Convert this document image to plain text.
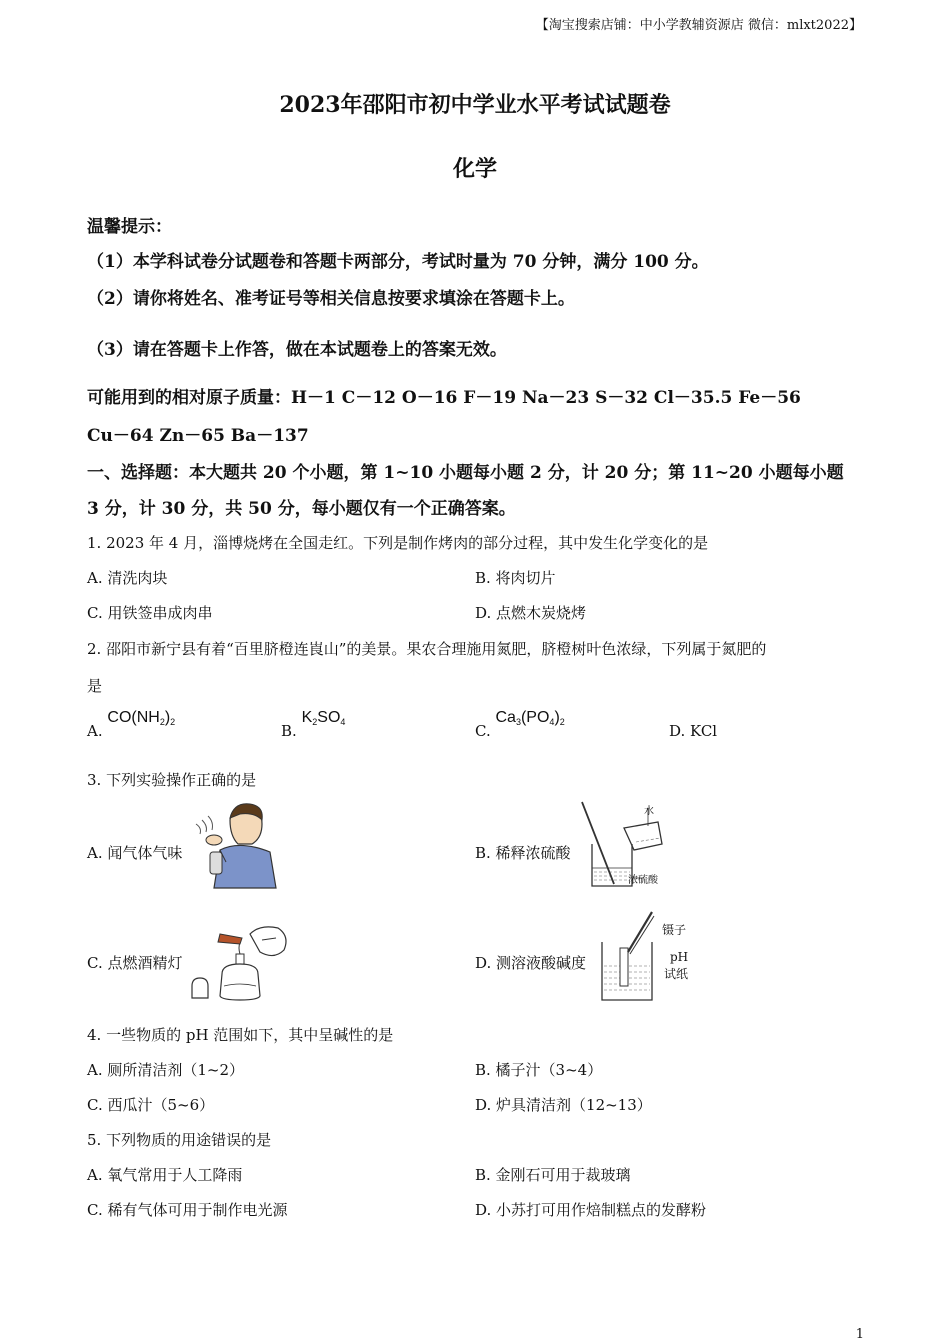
【淘宝搜索店铺：中小学教辅资源店 微信：mlxt2022】
2023年邵阳市初中学业水平考试试题卷
化学
温馨提示：
（1）本学科试卷分试题卷和答题卡两部分，考试时量为 70 分钟，满分 100 分。
（2）请你将姓名、准考证号等相关信息按要求填涂在答题卡上。
（3）请在答题卡上作答，做在本试题卷上的答案无效。
可能用到的相对原子质量：H－1 C－12 O－16 F－19 Na－23 S－32 Cl－35.5 Fe－56
Cu－64 Zn－65 Ba－137
一、选择题：本大题共 20 个小题，第 1~10 小题每小题 2 分，计 20 分；第 11~20 小题每小题
3 分，计 30 分，共 50 分，每小题仅有一个正确答案。
1. 2023 年 4 月，淄博烧烤在全国走红。下列是制作烤肉的部分过程，其中发生化学变化的是
A. 清洗肉块	B. 将肉切片
C. 用铁签串成肉串	D. 点燃木炭烧烤
2. 邵阳市新宁县有着“百里脐橙连崀山”的美景。果农合理施用氮肥，脐橙树叶色浓绿，下列属于氮肥的
是
A. $CO(NH_2)_2$	B. $K_2SO_4$	C. $Ca_3(PO_4)_2$	D. KCl
3. 下列实验操作正确的是
A. 闻气体气味	B. 稀释浓硫酸
水
浓硫酸
C. 点燃酒精灯	D. 测溶液酸碱度
镊子
pH
试纸
4. 一些物质的 pH 范围如下，其中呈碱性的是
A. 厕所清洁剂（1~2）	B. 橘子汁（3~4）
C. 西瓜汁（5~6）	D. 炉具清洁剂（12~13）
5. 下列物质的用途错误的是
A. 氧气常用于人工降雨	B. 金刚石可用于裁玻璃
C. 稀有气体可用于制作电光源	D. 小苏打可用作焙制糕点的发酵粉
1
